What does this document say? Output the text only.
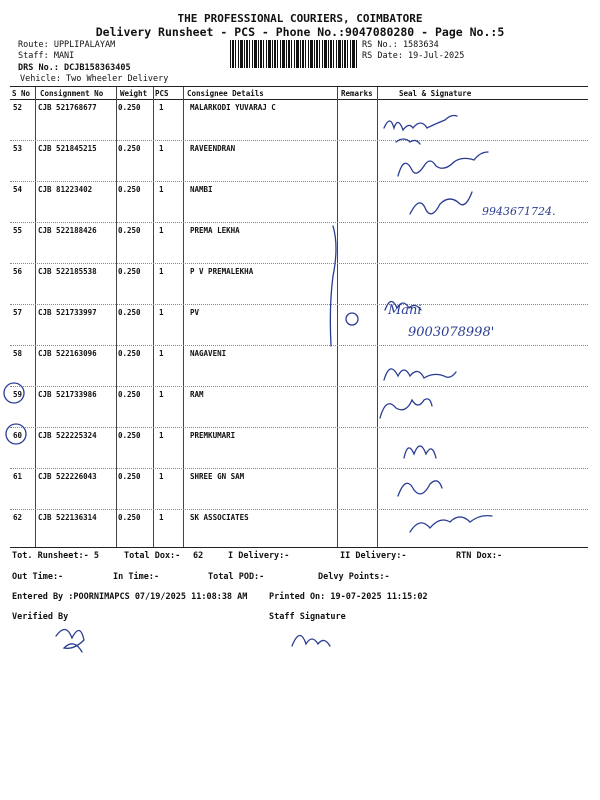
THE PROFESSIONAL COURIERS, COIMBATORE
Delivery Runsheet - PCS - Phone No.:9047080280 - Page No.:5
Route: UPPLIPALAYAM
Staff: MANI
DRS No.: DCJB158363405
Vehicle: Two Wheeler Delivery
RS No.: 1583634
RS Date: 19-Jul-2025
S No Consignment No Weight PCS Consignee Details	Remarks	Seal & Signature
52 CJB 521768677	0.250 1	MALARKODI YUVARAJ C
53 CJB 521845215	0.250 1	RAVEENDRAN
54 CJB 81223402	0.250 1	NAMBI
55 CJB 522188426	0.250 1	PREMA LEKHA
56 CJB 522185538	0.250 1	P V PREMALEKHA
57 CJB 521733997	0.250 1	PV
58 CJB 522163096	0.250 1	NAGAVENI
59 CJB 521733986	0.250 1	RAM
60 CJB 522225324	0.250 1	PREMKUMARI
61 CJB 522226043	0.250 1	SHREE GN SAM
62 CJB 522136314	0.250 1	SK ASSOCIATES
9943671724.
9003078998'
Mani
Tot. Runsheet:- 5	Total Dox:- 62	I Delivery:-	II Delivery:-	RTN Dox:-
Out Time:-	In Time:-	Total POD:-	Delvy Points:-
Entered By :POORNIMAPCS 07/19/2025 11:08:38 AM	Printed On: 19-07-2025 11:15:02
Verified By	Staff Signature
